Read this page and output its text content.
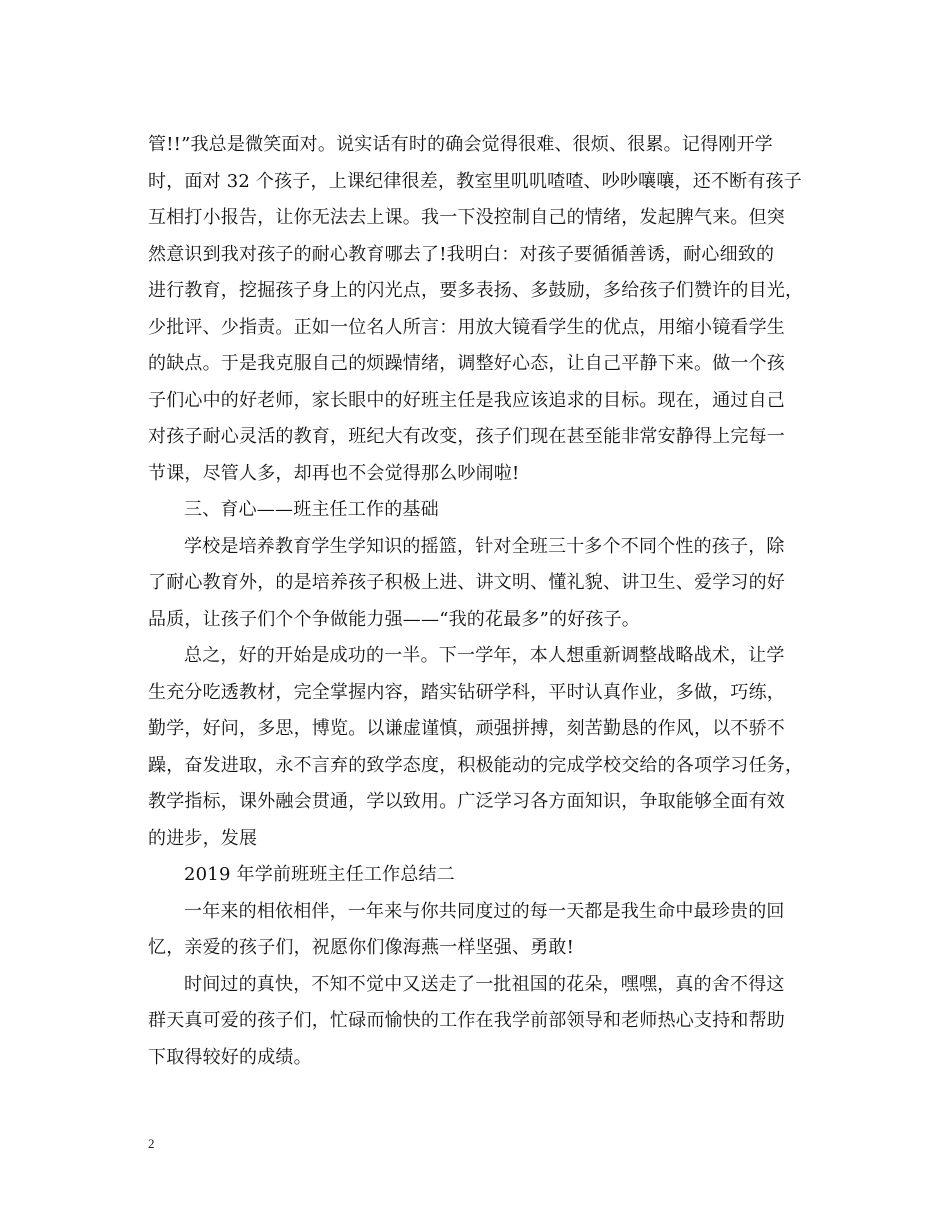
管!!”我总是微笑面对。说实话有时的确会觉得很难、很烦、很累。记得刚开学
时，面对 32 个孩子，上课纪律很差，教室里叽叽喳喳、吵吵嚷嚷，还不断有孩子
互相打小报告，让你无法去上课。我一下没控制自己的情绪，发起脾气来。但突
然意识到我对孩子的耐心教育哪去了!我明白：对孩子要循循善诱，耐心细致的
进行教育，挖掘孩子身上的闪光点，要多表扬、多鼓励，多给孩子们赞许的目光，
少批评、少指责。正如一位名人所言：用放大镜看学生的优点，用缩小镜看学生
的缺点。于是我克服自己的烦躁情绪，调整好心态，让自己平静下来。做一个孩
子们心中的好老师，家长眼中的好班主任是我应该追求的目标。现在，通过自己
对孩子耐心灵活的教育，班纪大有改变，孩子们现在甚至能非常安静得上完每一
节课，尽管人多，却再也不会觉得那么吵闹啦!
三、育心——班主任工作的基础
学校是培养教育学生学知识的摇篮，针对全班三十多个不同个性的孩子，除
了耐心教育外，的是培养孩子积极上进、讲文明、懂礼貌、讲卫生、爱学习的好
品质，让孩子们个个争做能力强——“我的花最多”的好孩子。
总之，好的开始是成功的一半。下一学年，本人想重新调整战略战术，让学
生充分吃透教材，完全掌握内容，踏实钻研学科，平时认真作业，多做，巧练，
勤学，好问，多思，博览。以谦虚谨慎，顽强拼搏，刻苦勤恳的作风，以不骄不
躁，奋发进取，永不言弃的致学态度，积极能动的完成学校交给的各项学习任务，
教学指标，课外融会贯通，学以致用。广泛学习各方面知识，争取能够全面有效
的进步，发展
2019 年学前班班主任工作总结二
一年来的相依相伴，一年来与你共同度过的每一天都是我生命中最珍贵的回
忆，亲爱的孩子们，祝愿你们像海燕一样坚强、勇敢!
时间过的真快，不知不觉中又送走了一批祖国的花朵，嘿嘿，真的舍不得这
群天真可爱的孩子们，忙碌而愉快的工作在我学前部领导和老师热心支持和帮助
下取得较好的成绩。
2
